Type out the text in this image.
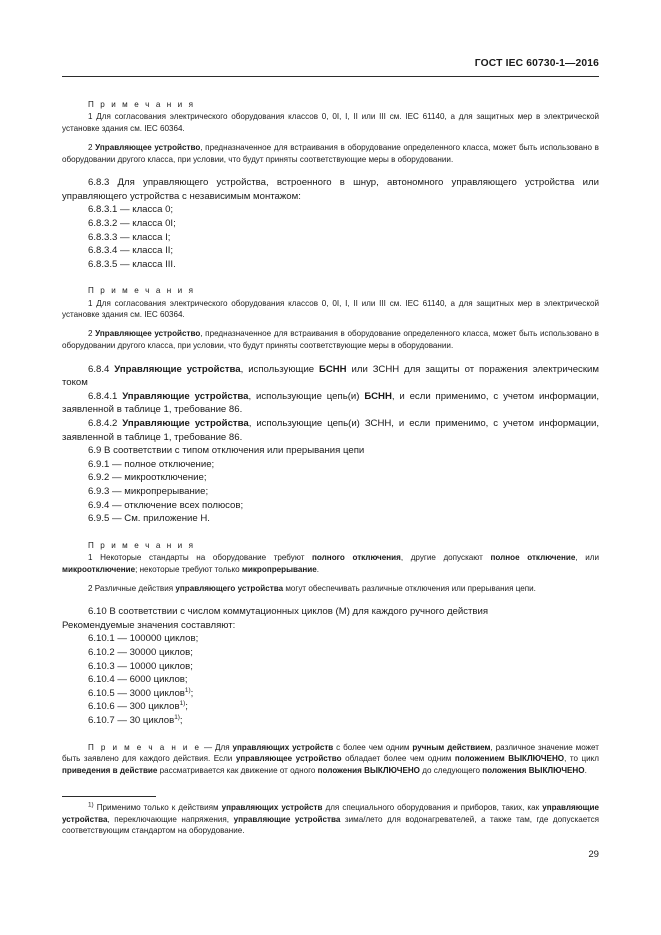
ГОСТ IEC 60730-1—2016

П р и м е ч а н и я

1 Для согласования электрического оборудования классов 0, 0I, I, II или III см. IEC 61140, а для защитных мер в электрической установке здания см. IEC 60364.

2 Управляющее устройство, предназначенное для встраивания в оборудование определенного класса, может быть использовано в оборудовании другого класса, при условии, что будут приняты соответствующие меры в оборудовании.

6.8.3 Для управляющего устройства, встроенного в шнур, автономного управляющего устройства или управляющего устройства с независимым монтажом:

6.8.3.1 — класса 0;

6.8.3.2 — класса 0I;

6.8.3.3 — класса I;

6.8.3.4 — класса II;

6.8.3.5 — класса III.

П р и м е ч а н и я

1 Для согласования электрического оборудования классов 0, 0I, I, II или III см. IEC 61140, а для защитных мер в электрической установке здания см. IEC 60364.

2 Управляющее устройство, предназначенное для встраивания в оборудование определенного класса, может быть использовано в оборудовании другого класса, при условии, что будут приняты соответствующие меры в оборудовании.

6.8.4 Управляющие устройства, использующие БСНН или ЗСНН для защиты от поражения электрическим током

6.8.4.1 Управляющие устройства, использующие цепь(и) БСНН, и если применимо, с учетом информации, заявленной в таблице 1, требование 86.

6.8.4.2 Управляющие устройства, использующие цепь(и) ЗСНН, и если применимо, с учетом информации, заявленной в таблице 1, требование 86.

6.9 В соответствии с типом отключения или прерывания цепи

6.9.1 — полное отключение;

6.9.2 — микроотключение;

6.9.3 — микропрерывание;

6.9.4 — отключение всех полюсов;

6.9.5 — См. приложение Н.

П р и м е ч а н и я

1 Некоторые стандарты на оборудование требуют полного отключения, другие допускают полное отключение, или микроотключение; некоторые требуют только микропрерывание.

2 Различные действия управляющего устройства могут обеспечивать различные отключения или прерывания цепи.

6.10 В соответствии с числом коммутационных циклов (М) для каждого ручного действия

Рекомендуемые значения составляют:

6.10.1 — 100000 циклов;

6.10.2 — 30000 циклов;

6.10.3 — 10000 циклов;

6.10.4 — 6000 циклов;

6.10.5 — 3000 циклов$^{1)}$;

6.10.6 — 300 циклов$^{1)}$;

6.10.7 — 30 циклов$^{1)}$;

П р и м е ч а н и е — Для управляющих устройств с более чем одним ручным действием, различное значение может быть заявлено для каждого действия. Если управляющее устройство обладает более чем одним положением ВЫКЛЮЧЕНО, то цикл приведения в действие рассматривается как движение от одного положения ВЫКЛЮЧЕНО до следующего положения ВЫКЛЮЧЕНО.

$^{1)}$ Применимо только к действиям управляющих устройств для специального оборудования и приборов, таких, как управляющие устройства, переключающие напряжения, управляющие устройства зима/лето для водонагревателей, а также там, где допускается соответствующим стандартом на оборудование.

29
